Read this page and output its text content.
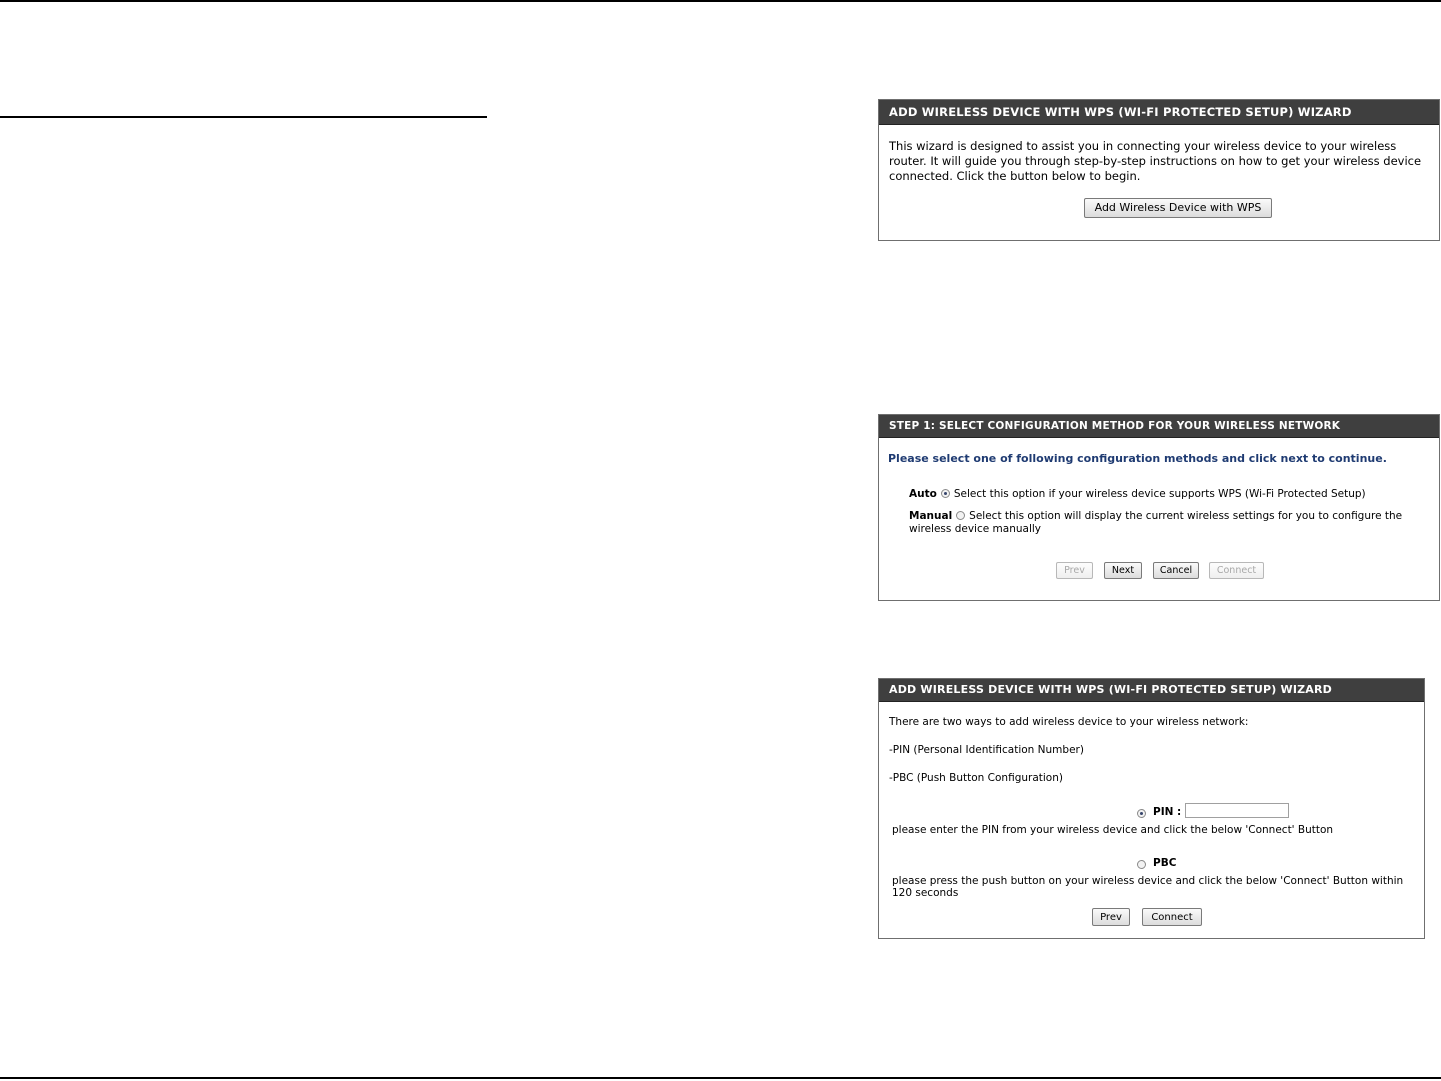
ADD WIRELESS DEVICE WITH WPS (WI-FI PROTECTED SETUP) WIZARD
This wizard is designed to assist you in connecting your wireless device to your wireless router. It will guide you through step-by-step instructions on how to get your wireless device connected. Click the button below to begin.
Add Wireless Device with WPS
STEP 1: SELECT CONFIGURATION METHOD FOR YOUR WIRELESS NETWORK
Please select one of following configuration methods and click next to continue.
Auto Select this option if your wireless device supports WPS (Wi-Fi Protected Setup)
Manual Select this option will display the current wireless settings for you to configure the wireless device manually
Prev	Next	Cancel	Connect
ADD WIRELESS DEVICE WITH WPS (WI-FI PROTECTED SETUP) WIZARD
There are two ways to add wireless device to your wireless network:
-PIN (Personal Identification Number)
-PBC (Push Button Configuration)
PIN :
please enter the PIN from your wireless device and click the below 'Connect' Button
PBC
please press the push button on your wireless device and click the below 'Connect' Button within 120 seconds
Prev	Connect
